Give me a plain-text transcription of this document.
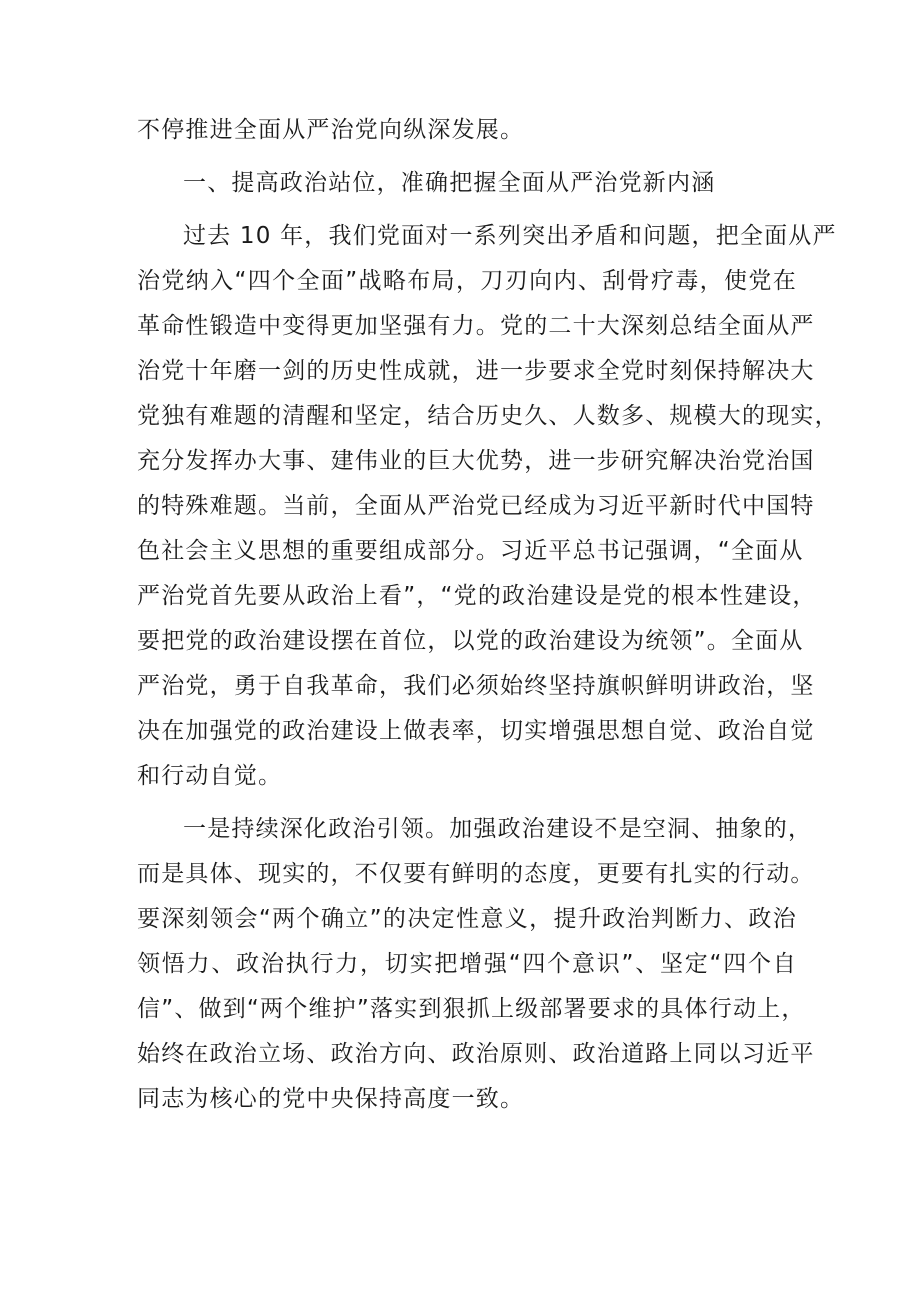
不停推进全面从严治党向纵深发展。
一、提高政治站位，准确把握全面从严治党新内涵
过去 10 年，我们党面对一系列突出矛盾和问题，把全面从严
治党纳入“四个全面”战略布局，刀刃向内、刮骨疗毒，使党在
革命性锻造中变得更加坚强有力。党的二十大深刻总结全面从严
治党十年磨一剑的历史性成就，进一步要求全党时刻保持解决大
党独有难题的清醒和坚定，结合历史久、人数多、规模大的现实，
充分发挥办大事、建伟业的巨大优势，进一步研究解决治党治国
的特殊难题。当前，全面从严治党已经成为习近平新时代中国特
色社会主义思想的重要组成部分。习近平总书记强调，“全面从
严治党首先要从政治上看”，“党的政治建设是党的根本性建设，
要把党的政治建设摆在首位，以党的政治建设为统领”。全面从
严治党，勇于自我革命，我们必须始终坚持旗帜鲜明讲政治，坚
决在加强党的政治建设上做表率，切实增强思想自觉、政治自觉
和行动自觉。
一是持续深化政治引领。加强政治建设不是空洞、抽象的，
而是具体、现实的，不仅要有鲜明的态度，更要有扎实的行动。
要深刻领会“两个确立”的决定性意义，提升政治判断力、政治
领悟力、政治执行力，切实把增强“四个意识”、坚定“四个自
信”、做到“两个维护”落实到狠抓上级部署要求的具体行动上，
始终在政治立场、政治方向、政治原则、政治道路上同以习近平
同志为核心的党中央保持高度一致。
